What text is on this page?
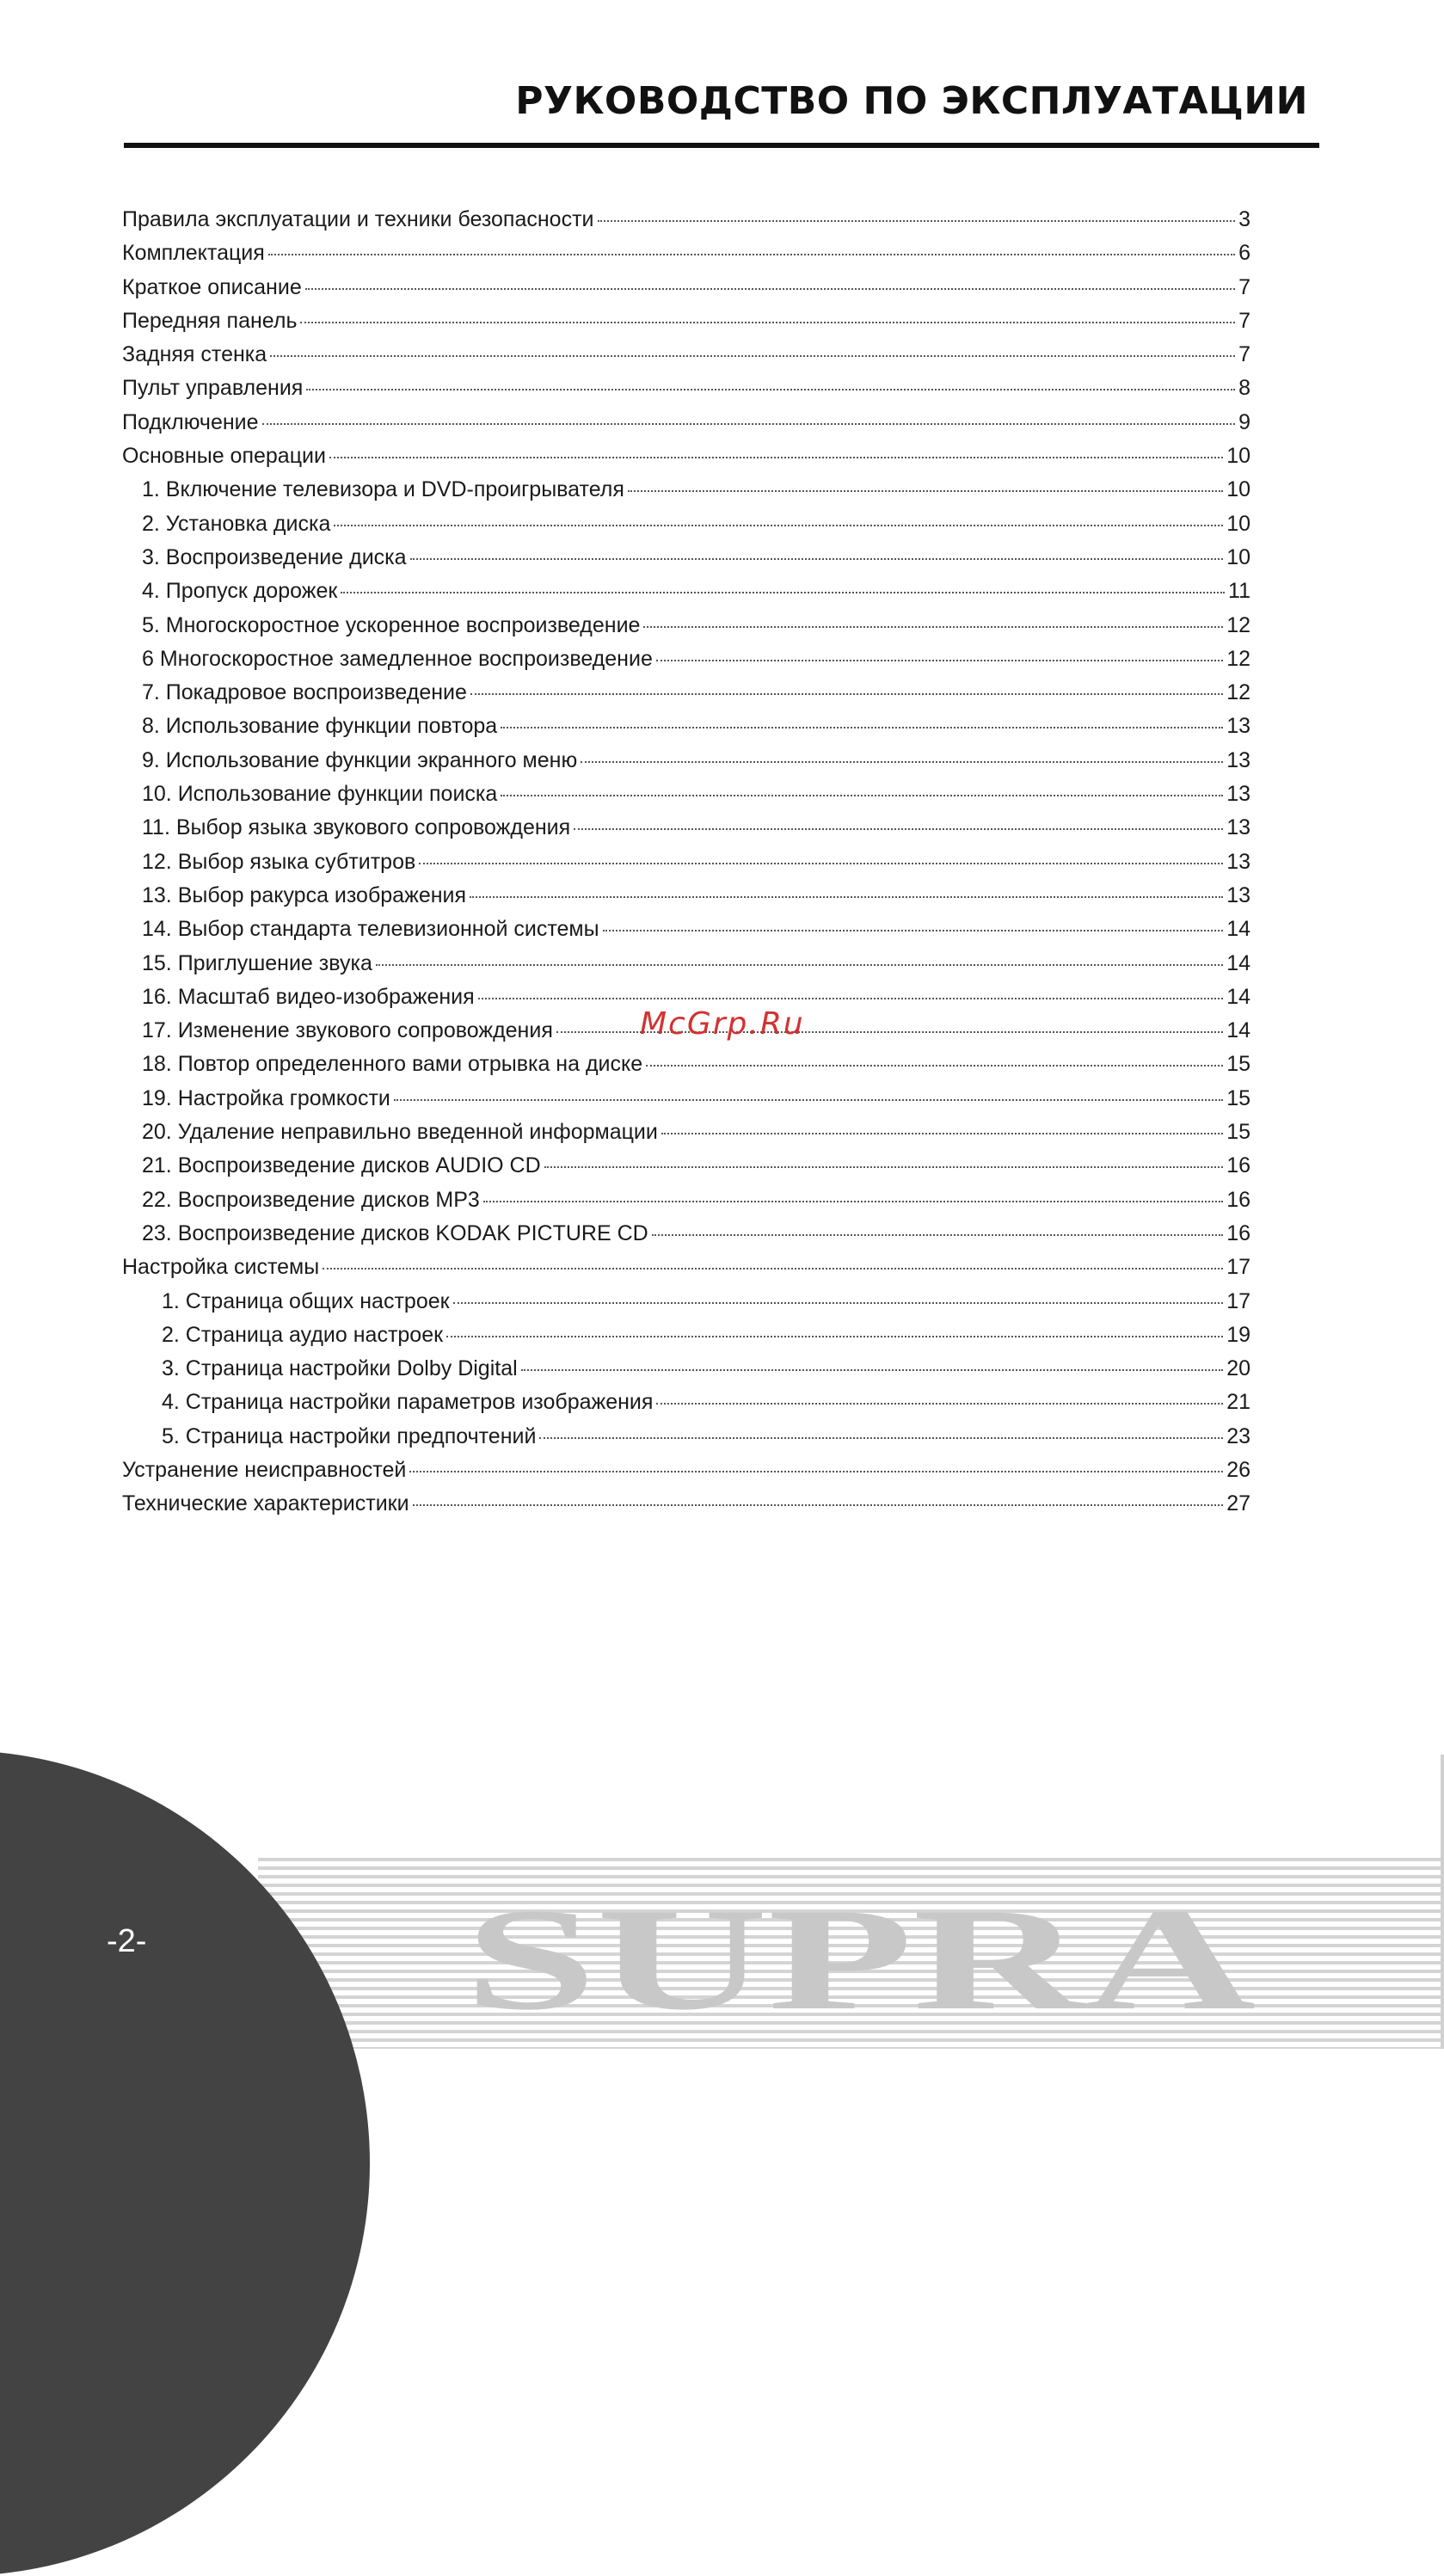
РУКОВОДСТВО ПО ЭКСПЛУАТАЦИИ
Правила эксплуатации и техники безопасности	3
Комплектация	6
Краткое описание	7
Передняя панель	7
Задняя стенка	7
Пульт управления	8
Подключение	9
Основные операции	10
1. Включение телевизора и DVD-проигрывателя	10
2. Установка диска	10
3. Воспроизведение диска	10
4. Пропуск дорожек	11
5. Многоскоростное ускоренное воспроизведение	12
6 Многоскоростное замедленное воспроизведение	12
7. Покадровое воспроизведение	12
8. Использование функции повтора	13
9. Использование функции экранного меню	13
10. Использование функции поиска	13
11. Выбор языка звукового сопровождения	13
12. Выбор языка субтитров	13
13. Выбор ракурса изображения	13
14. Выбор стандарта телевизионной системы	14
15. Приглушение звука	14
16. Масштаб видео-изображения	14
17. Изменение звукового сопровождения	14
18. Повтор определенного вами отрывка на диске	15
19. Настройка громкости	15
20. Удаление неправильно введенной информации	15
21. Воспроизведение дисков AUDIO CD	16
22. Воспроизведение дисков MP3	16
23. Воспроизведение дисков KODAK PICTURE CD	16
Настройка системы	17
1. Страница общих настроек	17
2. Страница аудио настроек	19
3. Страница настройки Dolby Digital	20
4. Страница настройки параметров изображения	21
5. Страница настройки предпочтений	23
Устранение неисправностей	26
Технические характеристики	27
McGrp.Ru
SUPRA
-2-
